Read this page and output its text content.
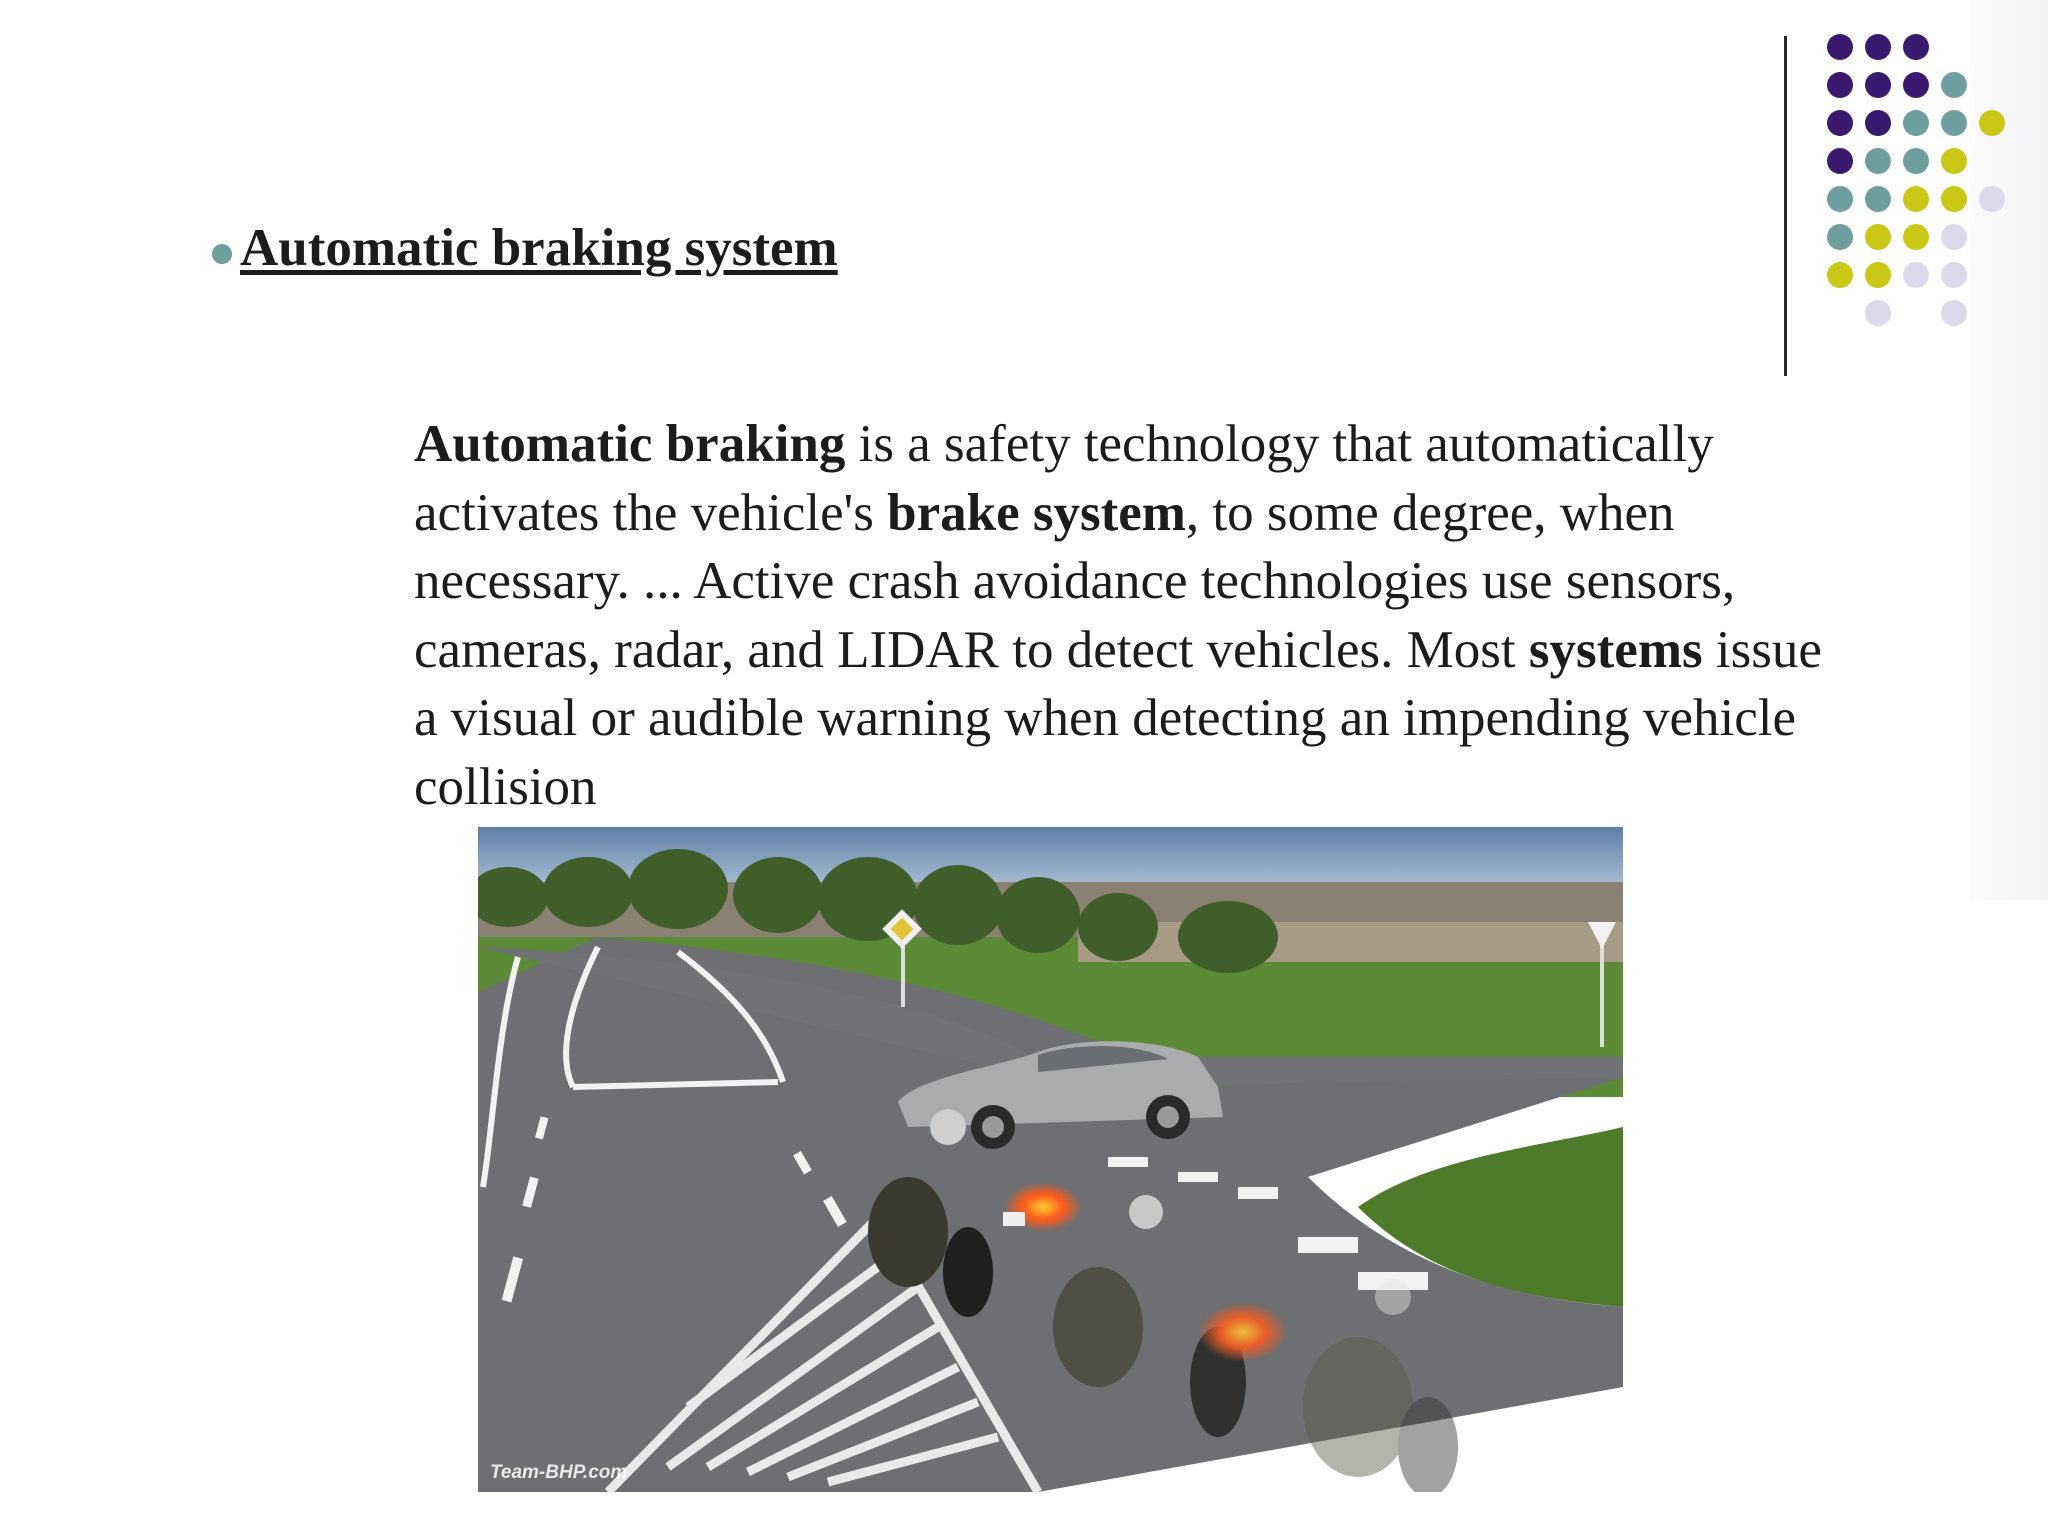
Automatic braking system

Automatic braking is a safety technology that automatically activates the vehicle's brake system, to some degree, when necessary. ... Active crash avoidance technologies use sensors, cameras, radar, and LIDAR to detect vehicles. Most systems issue a visual or audible warning when detecting an impending vehicle collision

Team-BHP.com
